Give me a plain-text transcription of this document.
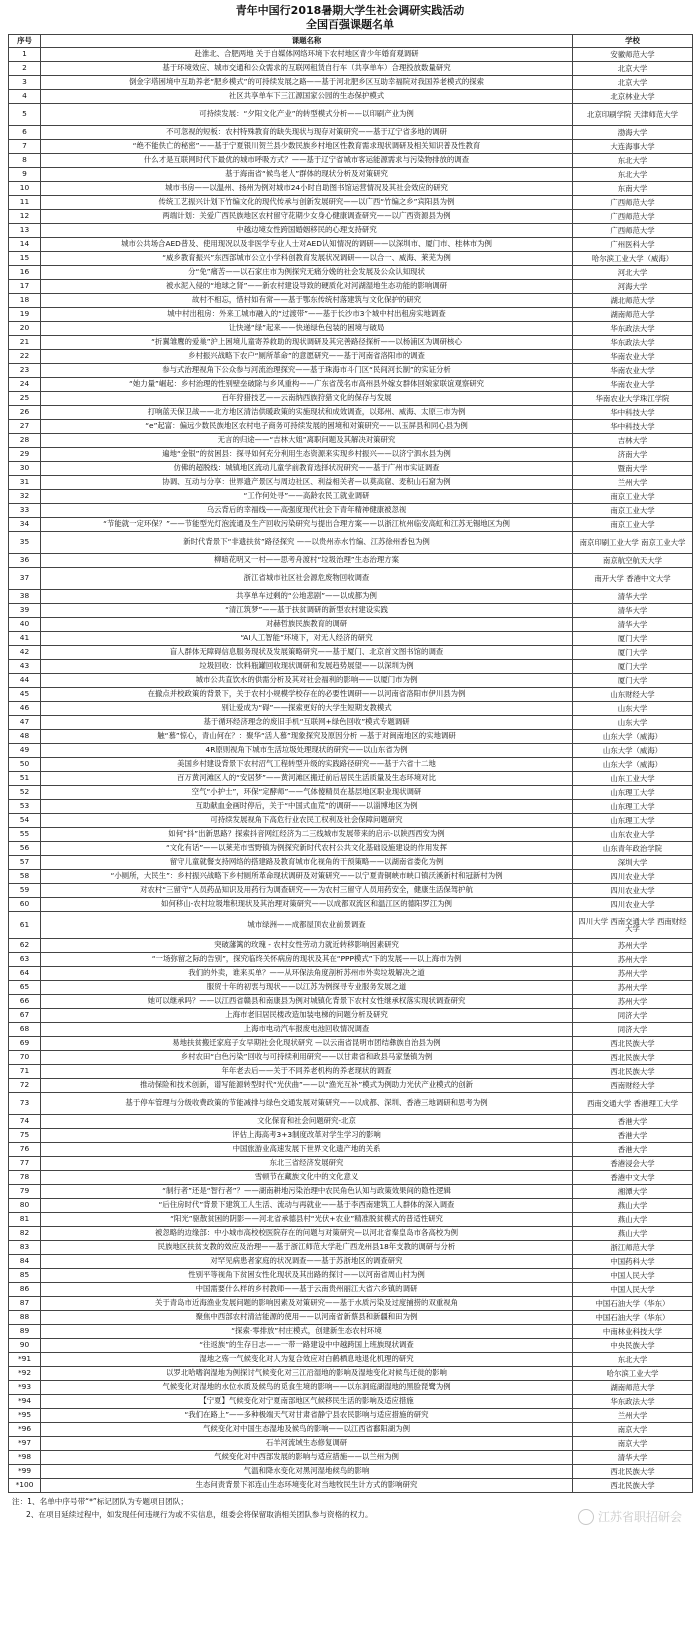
青年中国行2018暑期大学生社会调研实践活动
全国百强课题名单
序号	课题名称	学校
1	赴淮北、合肥两地 关于自媒体网络环境下农村地区青少年婚育观调研	安徽师范大学
2	基于环境效应、城市交通和公众需求的互联网租赁自行车（共享单车）合理投放数量研究	北京大学
3	倒金字塔困境中互助养老“肥乡模式”的可持续发展之路——基于河北肥乡区互助幸福院对我国养老模式的探索	北京大学
4	社区共享单车下三江源国家公园的生态保护模式	北京林业大学
5	可持续发展：“夕阳文化产业”的转型模式分析——以印刷产业为例	北京印刷学院 天津师范大学
6	不可忽视的短板：农村特殊教育的缺失现状与现存对策研究——基于辽宁省多地的调研	渤海大学
7	“绝不能佚亡的秘密”——基于宁夏银川贺兰县少数民族乡村地区性教育需求现状调研及相关知识普及性教育	大连海事大学
8	什么才是互联网时代下最优的城市呼吸方式？——基于辽宁省城市客运能源需求与污染物排放的调查	东北大学
9	基于海南省“候鸟老人”群体的现状分析及对策研究	东北大学
10	城市书房——以温州、扬州为例对城市24小时自助图书馆运营情况及其社会效应的研究	东南大学
11	传统工艺振兴计划下竹编文化的现代传承与创新发展研究——以广西“竹编之乡”宾阳县为例	广西师范大学
12	两端计划：关爱广西民族地区农村留守花期少女身心健康调查研究——以广西资源县为例	广西师范大学
13	中越边境女性跨国婚姻移民的心理支持研究	广西师范大学
14	城市公共场合AED普及、使用现况以及非医学专业人士对AED认知情况的调研——以深圳市、厦门市、桂林市为例	广州医科大学
15	“威乡教育振兴”东西部城市公立小学科创教育发展状况调研——以合一、威海、莱芜为例	哈尔滨工业大学（威海）
16	分“免”痛苦——以石家庄市为例探究无痛分娩的社会发展及公众认知现状	河北大学
17	被水泥入侵的“地球之肾”——新农村建设导致的硬质化对河湖湿地生态功能的影响调研	河海大学
18	故村不相忘，惜村如有常——基于鄂东传统村落建筑与文化保护的研究	湖北师范大学
19	城中村出租房：外来工城市融入的“过渡带”——基于长沙市3个城中村出租房实地调查	湖南师范大学
20	让快递“绿”起来——快递绿色包装的困境与破局	华东政法大学
21	“折翼雏鹰的爱巢”沪上困境儿童寄养救助的现状调研及其完善路径探析——以杨浦区为调研核心	华东政法大学
22	乡村振兴战略下农户“厕所革命”的意愿研究——基于河南省洛阳市的调查	华南农业大学
23	参与式治理视角下公众参与河流治理探究——基于珠海市斗门区“民间河长制”的实证分析	华南农业大学
24	“她力量”崛起：乡村治理的性别壁垒破除与乡风重构——广东省茂名市高州县外嫁女群体回娘家联谊观察研究	华南农业大学
25	百年狩猎技艺——云南纳西族狩猎文化的保存与发展	华南农业大学珠江学院
26	打响蓝天保卫战——北方地区清洁供暖政策的实施现状和成效调查，以郑州、威海、太原三市为例	华中科技大学
27	“e”起富：偏远少数民族地区农村电子商务可持续发展的困境和对策研究——以玉屏县和同心县为例	华中科技大学
28	无言的归途——“吉林大姐”离职问题及其解决对策研究	吉林大学
29	遍地“金银”的贫困县：探寻如何充分利用生态资源来实现乡村振兴——以济宁泗水县为例	济南大学
30	仿佛的超脱线：城镇地区流动儿童学前教育选择状况研究——基于广州市实证调查	暨南大学
31	协调、互动与分享：世界遗产景区与周边社区、利益相关者—以莫高窟、麦积山石窟为例	兰州大学
32	“工作何处寻”——高龄农民工就业调研	南京工业大学
33	乌云背后的幸福线——高强度现代社会下青年精神健康被忽视	南京工业大学
34	“节能就一定环保？”——节能型光灯泡流通及生产回收污染研究与提出合理方案——以浙江杭州临安高虹和江苏无锡地区为例	南京工业大学
35	新时代背景下“非遗扶贫”路径探究 ——以贵州赤水竹编、江苏徐州香包为例	南京印刷工业大学 南京工业大学
36	柳暗花明又一村——思考舟渡村“垃圾治理”生态治理方案	南京航空航天大学
37	浙江省城市社区社会源危废物回收调查	南开大学 香港中文大学
38	共享单车过剩的“公地悲剧”——以成都为例	清华大学
39	“清江筑梦”——基于扶贫调研的新型农村建设实践	清华大学
40	对赫哲族民族教育的调研	清华大学
41	“AI人工智能”环境下，对无人经济的研究	厦门大学
42	盲人群体无障碍信息服务现状及发展策略研究——基于厦门、北京首文图书馆的调查	厦门大学
43	垃圾回收：饮料瓶罐回收现状调研和发展趋势展望——以深圳为例	厦门大学
44	城市公共直饮水的供需分析及其对社会福利的影响——以厦门市为例	厦门大学
45	在撤点并校政策的背景下，关于农村小规模学校存在的必要性调研——以河南省洛阳市伊川县为例	山东财经大学
46	别让爱成为“碍”——探索更好的大学生短期支教模式	山东大学
47	基于循环经济理念的废旧手机“互联网+绿色回收”模式专题调研	山东大学
48	触“慕”惊心，青山何在？：聚华“活人慕”现象探究及原因分析 —基于对闽南地区的实地调研	山东大学（威海）
49	4R原则视角下城市生活垃圾处理现状的研究——以山东省为例	山东大学（威海）
50	美国乡村建设背景下农村沼气工程转型升级的实践路径研究——基于六省十二地	山东大学（威海）
51	百万黄河滩区人的“安居梦”——黄河滩区搬迁前后居民生活质量及生态环境对比	山东工业大学
52	空气“小护士”，环保“定酵师”——气体傻精员在基层地区职业现状调研	山东理工大学
53	互助献血金画时停后，关于“中国式血荒”的调研——以淄博地区为例	山东理工大学
54	可持续发展视角下高危行业农民工权利及社会保障问题研究	山东理工大学
55	如何“抖”出新思路？探索抖音网红经济为二三线城市发展带来的启示-以陕西西安为例	山东农业大学
56	“文化有话”——以莱芜市雪野镇为例探究新时代农村公共文化基础设施建设的作用发挥	山东青年政治学院
57	留守儿童就餐支持网络的搭建路及教育城市化视角的干预策略——以湖南省娄化为例	深圳大学
58	“小厕所，大民生”：乡村振兴战略下乡村厕所革命现状调研及对策研究——以宁夏青铜峡市峡口镇沃溪新村和冠新村为例	四川农业大学
59	对农村“三留守”人员药品知识及用药行为调查研究——为农村三留守人员用药安全，健康生活保驾护航	四川农业大学
60	如何移山-农村垃圾堆积现状及其治理对策研究——以成都双流区和温江区的德阳罗江为例	四川农业大学
61	城市绿洲——成都屋顶农业前景调查	四川大学 西南交通大学 西南财经大学
62	突破藩篱的玫瑰 - 农村女性劳动力就近转移影响因素研究	苏州大学
63	“一场弥留之际的告别”，探究临终关怀病房的现状及其在“PPP模式”下的发展——以上海市为例	苏州大学
64	我们的外卖，谁来买单？——从环保法角度剖析苏州市外卖垃圾解决之道	苏州大学
65	服贸十年的初衷与现状——以江苏为例探寻专业服务发展之道	苏州大学
66	她可以继承吗？——以江西省赣县和南康县为例对城镇化背景下农村女性继承权落实现状调查研究	苏州大学
67	上海市老旧居民楼改造加装电梯的问题分析及研究	同济大学
68	上海市电动汽车报废电池回收情况调查	同济大学
69	易地扶贫搬迁家庭子女早期社会化现状研究 —以云南省昆明市团结彝族自治县为例	西北民族大学
70	乡村农田“白色污染”回收与可持续利用研究——以甘肃省和政县马家堡镇为例	西北民族大学
71	年年老去后——关于不同养老机构的养老现状的调查	西北民族大学
72	推动保险和技术创新，谱写能源转型时代“光伏曲”——以“渔光互补”模式为例助力光伏产业模式的创新	西南财经大学
73	基于停车管理与分级收费政策的节能减排与绿色交通发展对策研究——以成都、深圳、香港三地调研和思考为例	西南交通大学 香港理工大学
74	文化保育和社会问题研究-北京	香港大学
75	评估上海高考3+3制度改革对学生学习的影响	香港大学
76	中国旅游业高速发展下世界文化遗产地的关系	香港大学
77	东北三省经济发展研究	香港浸会大学
78	雪顿节在藏族文化中的文化意义	香港中文大学
79	“制行者”还是“智行者”？——湖南耕地污染治理中农民角色认知与政策效果间的隐性逻辑	湘潭大学
80	“后住房时代”背景下建筑工人生活、流动与再就业——基于李西南建筑工人群体的深入调查	燕山大学
81	“阳光”驱散贫困的阴影——河北省承德县村“光伏+农业”精准脱贫模式的普适性研究	燕山大学
82	被忽略的边缘部：中小城市高校校医院存在的问题与对策研究—以河北省秦皇岛市各高校为例	燕山大学
83	民族地区扶贫支教的效应及治理——基于浙江师范大学赴广西龙州县18年支教的调研与分析	浙江师范大学
84	对罕见病患者家庭的状况调查——基于苏浙地区的调查研究	中国药科大学
85	性别平等视角下贫困女性化现状及其出路的探讨——以河南省周山村为例	中国人民大学
86	中国需要什么样的乡村教师——基于云南贵州丽江大省六乡镇的调研	中国人民大学
87	关于青岛市近海渔业发展问题的影响因素及对策研究——基于水质污染及过度捕捞的双重视角	中国石油大学（华东）
88	聚焦中西部农村清洁能源的使用——以河南省新蔡县和新疆和田为例	中国石油大学（华东）
89	“探索·零排放”村庄模式，创建新生态农村环境	中南林业科技大学
90	“往返族”的生存日志——一带一路建设中中越跨国上班族现状调查	中央民族大学
*91	湿地之殇一气候变化对人为复合效应对白鹤栖息地退化机理的研究	东北大学
*92	以罗北哈嗜润湿地为例探讨气候变化对三江沿湿地的影响及湿地变化对候鸟迁徙的影响	哈尔滨工业大学
*93	气候变化对湿地的水位水质及候鸟的觅食生境的影响——以东洞庭湖湿地的黑脸琵鹭为例	湖南师范大学
*94	【宁夏】气候变化对宁夏南部地区气候移民生活的影响及适应措施	华东政法大学
*95	“我们在路上”——多种极端天气对甘肃省静宁县农民影响与适应措施的研究	兰州大学
*96	气候变化对中国生态湿地及候鸟的影响——以江西省鄱阳湖为例	南京大学
*97	石羊河流域生态修复调研	南京大学
*98	气候变化对中西部发展的影响与适应措施——以兰州为例	清华大学
*99	气温和降水变化对黑河湿地候鸟的影响	西北民族大学
*100	生态问责背景下祁连山生态环境变化对当地牧民生计方式的影响研究	西北民族大学
注：1、名单中序号带“*”标记团队为专题项目团队；
2、在项目延续过程中，如发现任何违规行为或不实信息，组委会将保留取消相关团队参与资格的权力。	江苏省职招研会
